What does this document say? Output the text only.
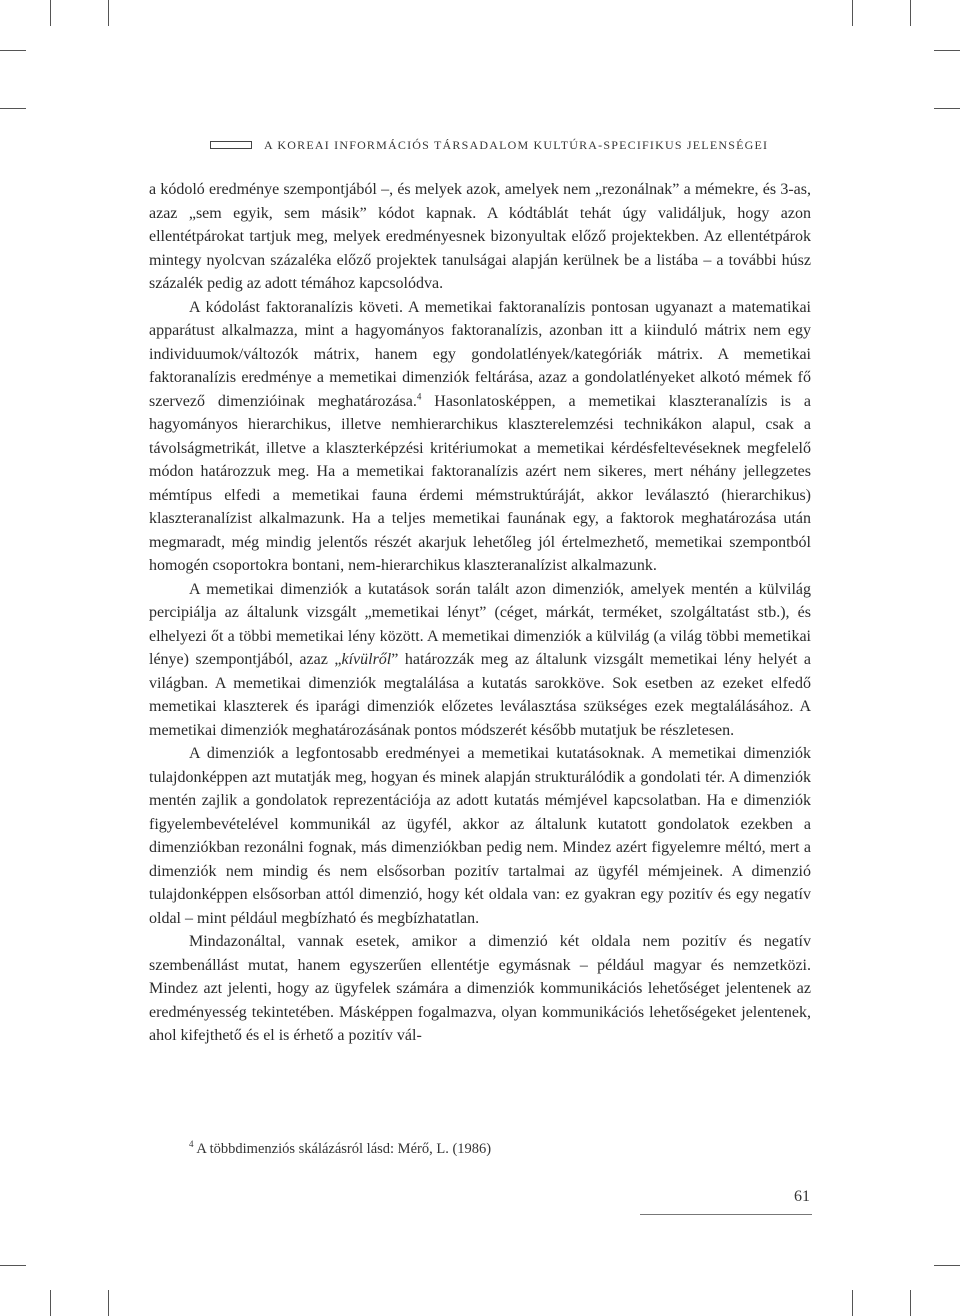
A KOREAI INFORMÁCIÓS TÁRSADALOM KULTÚRA-SPECIFIKUS JELENSÉGEI

a kódoló eredménye szempontjából –, és melyek azok, amelyek nem „rezonálnak” a mémekre, és 3-as, azaz „sem egyik, sem másik” kódot kapnak. A kódtáblát tehát úgy validáljuk, hogy azon ellentétpárokat tartjuk meg, melyek eredményesnek bizonyultak előző projektekben. Az ellentétpárok mintegy nyolcvan százaléka előző projektek tanulságai alapján kerülnek be a listába – a további húsz százalék pedig az adott témához kapcsolódva.

A kódolást faktoranalízis követi. A memetikai faktoranalízis pontosan ugyanazt a matematikai apparátust alkalmazza, mint a hagyományos faktoranalízis, azonban itt a kiinduló mátrix nem egy individuumok/változók mátrix, hanem egy gondolatlények/kategóriák mátrix. A memetikai faktoranalízis eredménye a memetikai dimenziók feltárása, azaz a gondolatlényeket alkotó mémek fő szervező dimenzióinak meghatározása.$^4$ Hasonlatosképpen, a memetikai klaszteranalízis is a hagyományos hierarchikus, illetve nemhierarchikus klaszterelemzési technikákon alapul, csak a távolságmetrikát, illetve a klaszterképzési kritériumokat a memetikai kérdésfeltevéseknek megfelelő módon határozzuk meg. Ha a memetikai faktoranalízis azért nem sikeres, mert néhány jellegzetes mémtípus elfedi a memetikai fauna érdemi mémstruktúráját, akkor leválasztó (hierarchikus) klaszteranalízist alkalmazunk. Ha a teljes memetikai faunának egy, a faktorok meghatározása után megmaradt, még mindig jelentős részét akarjuk lehetőleg jól értelmezhető, memetikai szempontból homogén csoportokra bontani, nem-hierarchikus klaszteranalízist alkalmazunk.

A memetikai dimenziók a kutatások során talált azon dimenziók, amelyek mentén a külvilág percipiálja az általunk vizsgált „memetikai lényt” (céget, márkát, terméket, szolgáltatást stb.), és elhelyezi őt a többi memetikai lény között. A memetikai dimenziók a külvilág (a világ többi memetikai lénye) szempontjából, azaz „kívülről” határozzák meg az általunk vizsgált memetikai lény helyét a világban. A memetikai dimenziók megtalálása a kutatás sarokköve. Sok esetben az ezeket elfedő memetikai klaszterek és iparági dimenziók előzetes leválasztása szükséges ezek megtalálásához. A memetikai dimenziók meghatározásának pontos módszerét később mutatjuk be részletesen.

A dimenziók a legfontosabb eredményei a memetikai kutatásoknak. A memetikai dimenziók tulajdonképpen azt mutatják meg, hogyan és minek alapján strukturálódik a gondolati tér. A dimenziók mentén zajlik a gondolatok reprezentációja az adott kutatás mémjével kapcsolatban. Ha e dimenziók figyelembevételével kommunikál az ügyfél, akkor az általunk kutatott gondolatok ezekben a dimenziókban rezonálni fognak, más dimenziókban pedig nem. Mindez azért figyelemre méltó, mert a dimenziók nem mindig és nem elsősorban pozitív tartalmai az ügyfél mémjeinek. A dimenzió tulajdonképpen elsősorban attól dimenzió, hogy két oldala van: ez gyakran egy pozitív és egy negatív oldal – mint például megbízható és megbízhatatlan.

Mindazonáltal, vannak esetek, amikor a dimenzió két oldala nem pozitív és negatív szembenállást mutat, hanem egyszerűen ellentétje egymásnak – például magyar és nemzetközi. Mindez azt jelenti, hogy az ügyfelek számára a dimenziók kommunikációs lehetőséget jelentenek az eredményesség tekintetében. Másképpen fogalmazva, olyan kommunikációs lehetőségeket jelentenek, ahol kifejthető és el is érhető a pozitív vál-

$^4$ A többdimenziós skálázásról lásd: Mérő, L. (1986)
61
